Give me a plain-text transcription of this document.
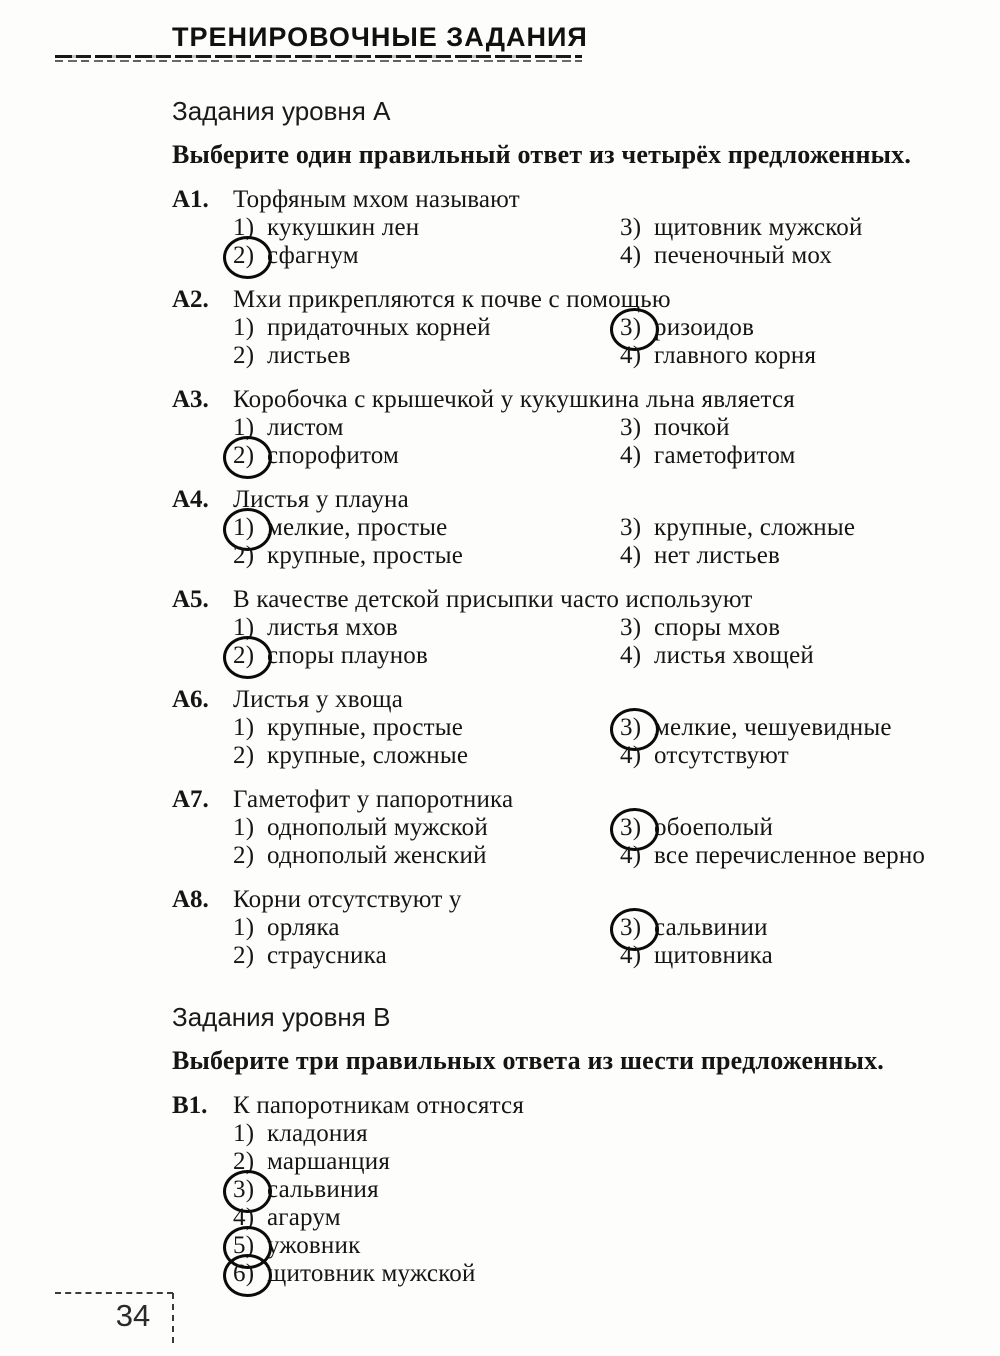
ТРЕНИРОВОЧНЫЕ ЗАДАНИЯ
Задания уровня А

Выберите один правильный ответ из четырёх предложенных.

А1. Торфяным мхом называют
1) кукушкин лен
2) сфагнум
3) щитовник мужской
4) печеночный мох
А2. Мхи прикрепляются к почве с помощью
1) придаточных корней
2) листьев
3) ризоидов
4) главного корня
А3. Коробочка с крышечкой у кукушкина льна является
1) листом
2) спорофитом
3) почкой
4) гаметофитом
А4. Листья у плауна
1) мелкие, простые
2) крупные, простые
3) крупные, сложные
4) нет листьев
А5. В качестве детской присыпки часто используют
1) листья мхов
2) споры плаунов
3) споры мхов
4) листья хвощей
А6. Листья у хвоща
1) крупные, простые
2) крупные, сложные
3) мелкие, чешуевидные
4) отсутствуют
А7. Гаметофит у папоротника
1) однополый мужской
2) однополый женский
3) обоеполый
4) все перечисленное верно
А8. Корни отсутствуют у
1) орляка
2) страусника
3) сальвинии
4) щитовника
Задания уровня В

Выберите три правильных ответа из шести предложенных.

В1.	К папоротникам относятся
1) кладония
2) маршанция
3) сальвиния
4) агарум
5) ужовник
6) щитовник мужской
34
